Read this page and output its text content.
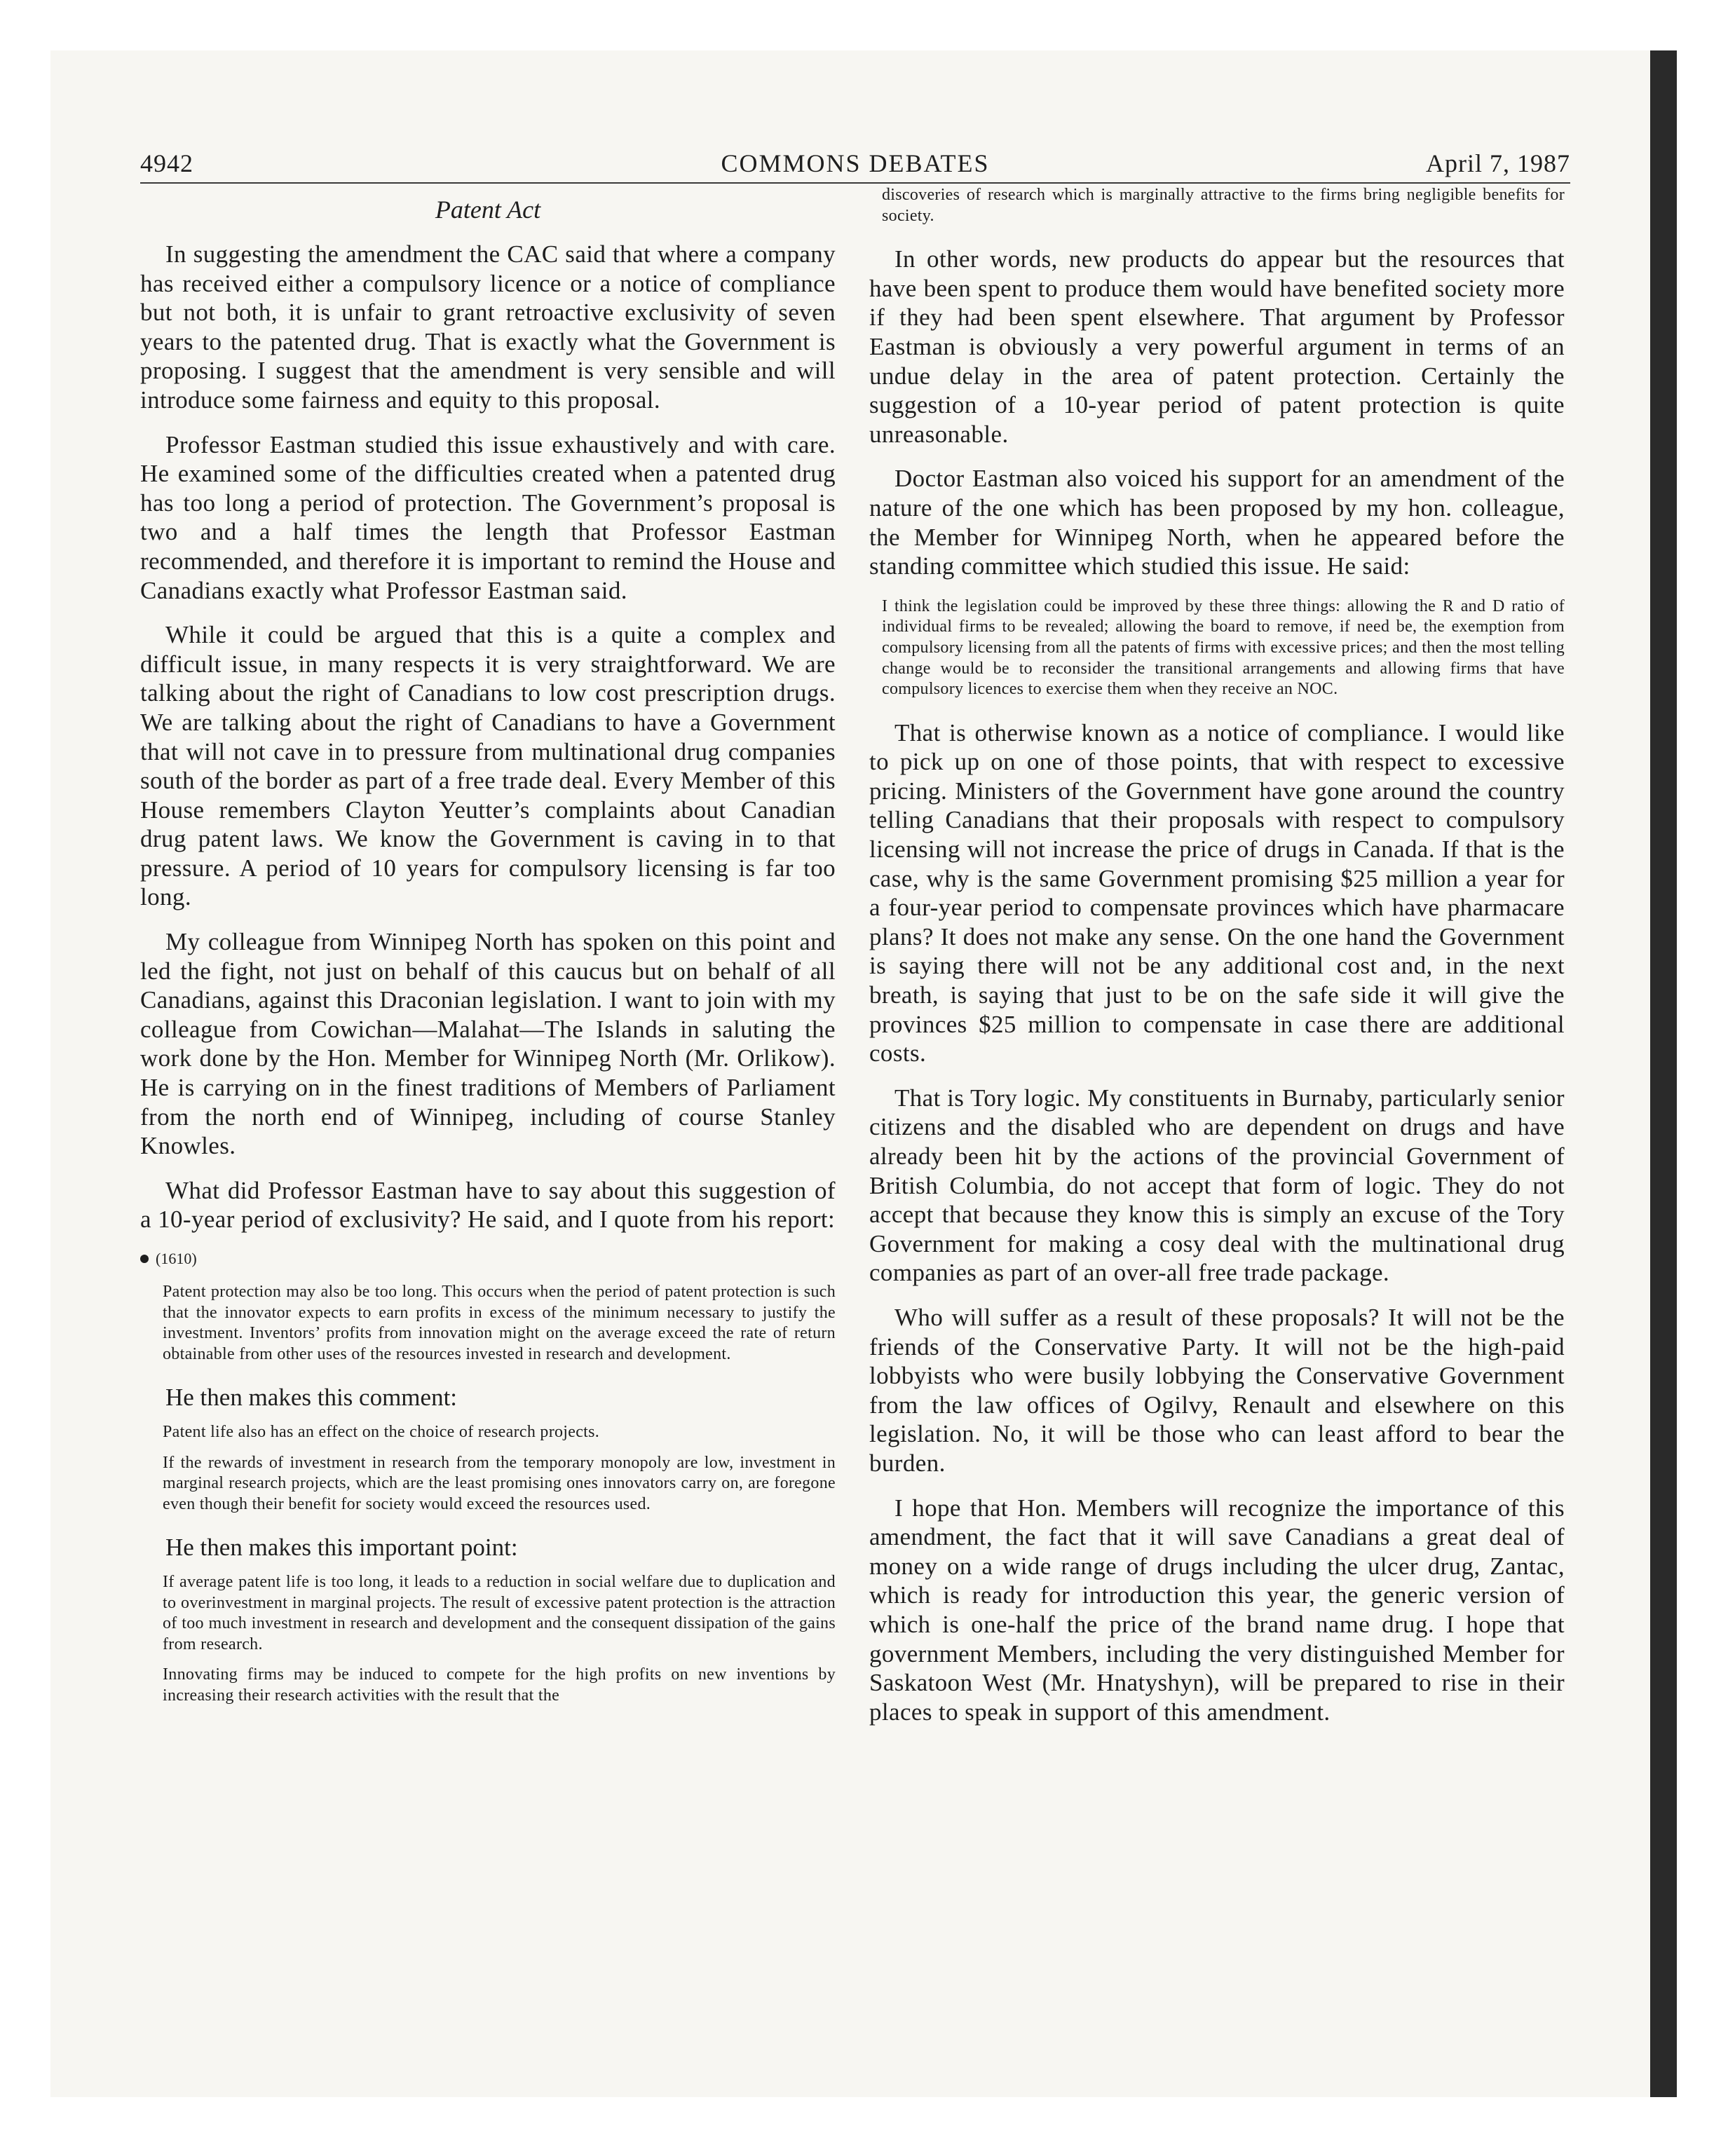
4942	COMMONS DEBATES	April 7, 1987
Patent Act

In suggesting the amendment the CAC said that where a company has received either a compulsory licence or a notice of compliance but not both, it is unfair to grant retroactive exclusivity of seven years to the patented drug. That is exactly what the Government is proposing. I suggest that the amendment is very sensible and will introduce some fairness and equity to this proposal.

Professor Eastman studied this issue exhaustively and with care. He examined some of the difficulties created when a patented drug has too long a period of protection. The Government’s proposal is two and a half times the length that Professor Eastman recommended, and therefore it is important to remind the House and Canadians exactly what Professor Eastman said.

While it could be argued that this is a quite a complex and difficult issue, in many respects it is very straightforward. We are talking about the right of Canadians to low cost prescription drugs. We are talking about the right of Canadians to have a Government that will not cave in to pressure from multinational drug companies south of the border as part of a free trade deal. Every Member of this House remembers Clayton Yeutter’s complaints about Canadian drug patent laws. We know the Government is caving in to that pressure. A period of 10 years for compulsory licensing is far too long.

My colleague from Winnipeg North has spoken on this point and led the fight, not just on behalf of this caucus but on behalf of all Canadians, against this Draconian legislation. I want to join with my colleague from Cowichan—Malahat—The Islands in saluting the work done by the Hon. Member for Winnipeg North (Mr. Orlikow). He is carrying on in the finest traditions of Members of Parliament from the north end of Winnipeg, including of course Stanley Knowles.

What did Professor Eastman have to say about this suggestion of a 10-year period of exclusivity? He said, and I quote from his report:

(1610)

Patent protection may also be too long. This occurs when the period of patent protection is such that the innovator expects to earn profits in excess of the minimum necessary to justify the investment. Inventors’ profits from innovation might on the average exceed the rate of return obtainable from other uses of the resources invested in research and development.

He then makes this comment:

Patent life also has an effect on the choice of research projects.

If the rewards of investment in research from the temporary monopoly are low, investment in marginal research projects, which are the least promising ones innovators carry on, are foregone even though their benefit for society would exceed the resources used.

He then makes this important point:

If average patent life is too long, it leads to a reduction in social welfare due to duplication and to overinvestment in marginal projects. The result of excessive patent protection is the attraction of too much investment in research and development and the consequent dissipation of the gains from research.

Innovating firms may be induced to compete for the high profits on new inventions by increasing their research activities with the result that the

discoveries of research which is marginally attractive to the firms bring negligible benefits for society.

In other words, new products do appear but the resources that have been spent to produce them would have benefited society more if they had been spent elsewhere. That argument by Professor Eastman is obviously a very powerful argument in terms of an undue delay in the area of patent protection. Certainly the suggestion of a 10-year period of patent protection is quite unreasonable.

Doctor Eastman also voiced his support for an amendment of the nature of the one which has been proposed by my hon. colleague, the Member for Winnipeg North, when he appeared before the standing committee which studied this issue. He said:

I think the legislation could be improved by these three things: allowing the R and D ratio of individual firms to be revealed; allowing the board to remove, if need be, the exemption from compulsory licensing from all the patents of firms with excessive prices; and then the most telling change would be to reconsider the transitional arrangements and allowing firms that have compulsory licences to exercise them when they receive an NOC.

That is otherwise known as a notice of compliance. I would like to pick up on one of those points, that with respect to excessive pricing. Ministers of the Government have gone around the country telling Canadians that their proposals with respect to compulsory licensing will not increase the price of drugs in Canada. If that is the case, why is the same Government promising $25 million a year for a four-year period to compensate provinces which have pharmacare plans? It does not make any sense. On the one hand the Government is saying there will not be any additional cost and, in the next breath, is saying that just to be on the safe side it will give the provinces $25 million to compensate in case there are additional costs.

That is Tory logic. My constituents in Burnaby, particularly senior citizens and the disabled who are dependent on drugs and have already been hit by the actions of the provincial Government of British Columbia, do not accept that form of logic. They do not accept that because they know this is simply an excuse of the Tory Government for making a cosy deal with the multinational drug companies as part of an over-all free trade package.

Who will suffer as a result of these proposals? It will not be the friends of the Conservative Party. It will not be the high-paid lobbyists who were busily lobbying the Conservative Government from the law offices of Ogilvy, Renault and elsewhere on this legislation. No, it will be those who can least afford to bear the burden.

I hope that Hon. Members will recognize the importance of this amendment, the fact that it will save Canadians a great deal of money on a wide range of drugs including the ulcer drug, Zantac, which is ready for introduction this year, the generic version of which is one-half the price of the brand name drug. I hope that government Members, including the very distinguished Member for Saskatoon West (Mr. Hnatyshyn), will be prepared to rise in their places to speak in support of this amendment.
